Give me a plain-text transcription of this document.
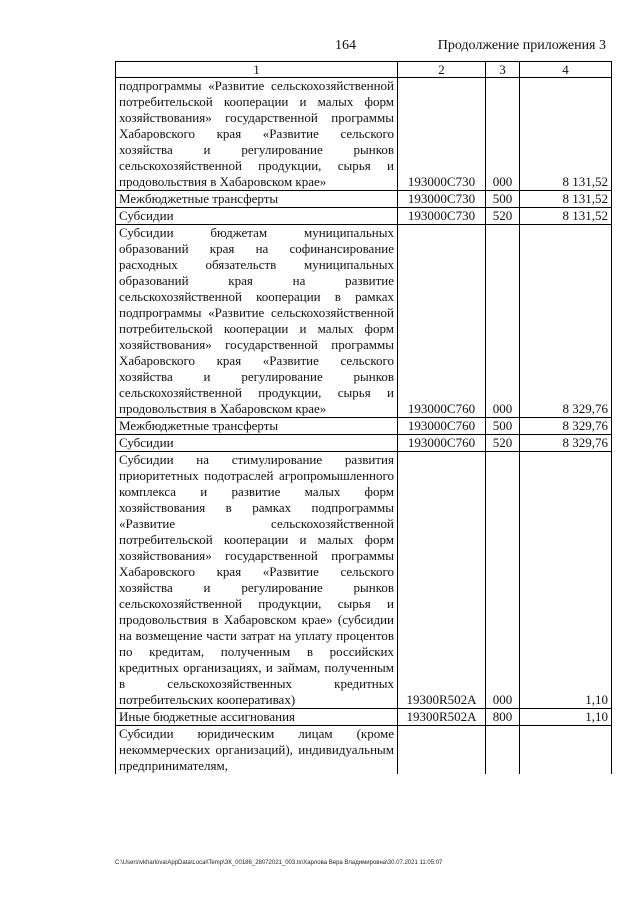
164	Продолжение приложения 3
1	2	3	4
подпрограммы «Развитие сельскохозяйственной потребительской кооперации и малых форм хозяйствования» государственной программы Хабаровского края «Развитие сельского хозяйства и регулирование рынков сельскохозяйственной продукции, сырья и продовольствия в Хабаровском крае»	193000С730	000	8 131,52
Межбюджетные трансферты	193000С730	500	8 131,52
Субсидии	193000С730	520	8 131,52
Субсидии бюджетам муниципальных образований края на софинансирование расходных обязательств муниципальных образований края на развитие сельскохозяйственной кооперации в рамках подпрограммы «Развитие сельскохозяйственной потребительской кооперации и малых форм хозяйствования» государственной программы Хабаровского края «Развитие сельского хозяйства и регулирование рынков сельскохозяйственной продукции, сырья и продовольствия в Хабаровском крае»	193000С760	000	8 329,76
Межбюджетные трансферты	193000С760	500	8 329,76
Субсидии	193000С760	520	8 329,76
Субсидии на стимулирование развития приоритетных подотраслей агропромышленного комплекса и развитие малых форм хозяйствования в рамках подпрограммы «Развитие сельскохозяйственной потребительской кооперации и малых форм хозяйствования» государственной программы Хабаровского края «Развитие сельского хозяйства и регулирование рынков сельскохозяйственной продукции, сырья и продовольствия в Хабаровском крае» (субсидии на возмещение части затрат на уплату процентов по кредитам, полученным в российских кредитных организациях, и займам, полученным в сельскохозяйственных кредитных потребительских кооперативах)	19300R502A	000	1,10
Иные бюджетные ассигнования	19300R502A	800	1,10
Субсидии юридическим лицам (кроме некоммерческих организаций), индивидуальным предпринимателям,			
C:\Users\vkharlova\AppData\Local\Temp\ЗК_00186_28072021_003.tx\Харлова Вера Владимировна\30.07.2021 11:05:07
